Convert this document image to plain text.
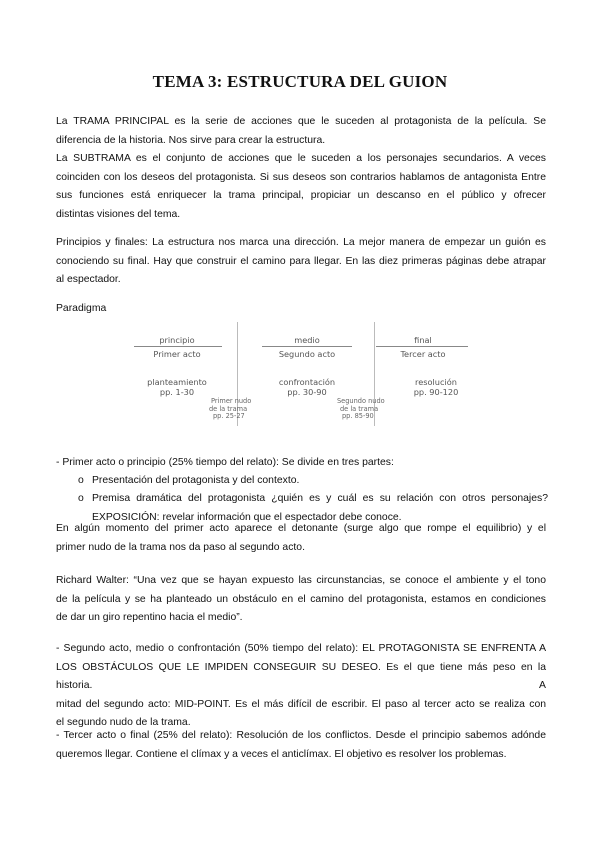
TEMA 3: ESTRUCTURA DEL GUION
La TRAMA PRINCIPAL es la serie de acciones que le suceden al protagonista de la película. Se
diferencia de la historia. Nos sirve para crear la estructura.
La SUBTRAMA es el conjunto de acciones que le suceden a los personajes secundarios. A veces
coinciden con los deseos del protagonista. Si sus deseos son contrarios hablamos de antagonista Entre
sus funciones está enriquecer la trama principal, propiciar un descanso en el público y ofrecer
distintas visiones del tema.
Principios y finales: La estructura nos marca una dirección. La mejor manera de empezar un guión es
conociendo su final. Hay que construir el camino para llegar. En las diez primeras páginas debe atrapar
al espectador.
Paradigma
principio
Primer acto
medio
Segundo acto
final
Tercer acto
planteamiento
pp. 1-30
confrontación
pp. 30-90
resolución
pp. 90-120
Primer nudo
de la trama
pp. 25-27
Segundo nudo
de la trama
pp. 85-90
- Primer acto o principio (25% tiempo del relato): Se divide en tres partes:
o Presentación del protagonista y del contexto.
o Premisa dramática del protagonista ¿quién es y cuál es su relación con otros personajes?
EXPOSICIÓN: revelar información que el espectador debe conoce.
En algún momento del primer acto aparece el detonante (surge algo que rompe el equilibrio) y el
primer nudo de la trama nos da paso al segundo acto.
Richard Walter: “Una vez que se hayan expuesto las circunstancias, se conoce el ambiente y el tono
de la película y se ha planteado un obstáculo en el camino del protagonista, estamos en condiciones
de dar un giro repentino hacia el medio”.
- Segundo acto, medio o confrontación (50% tiempo del relato): EL PROTAGONISTA SE ENFRENTA A
LOS OBSTÁCULOS QUE LE IMPIDEN CONSEGUIR SU DESEO. Es el que tiene más peso en la historia. A
mitad del segundo acto: MID-POINT. Es el más difícil de escribir. El paso al tercer acto se realiza con
el segundo nudo de la trama.
- Tercer acto o final (25% del relato): Resolución de los conflictos. Desde el principio sabemos adónde
queremos llegar. Contiene el clímax y a veces el anticlímax. El objetivo es resolver los problemas.
